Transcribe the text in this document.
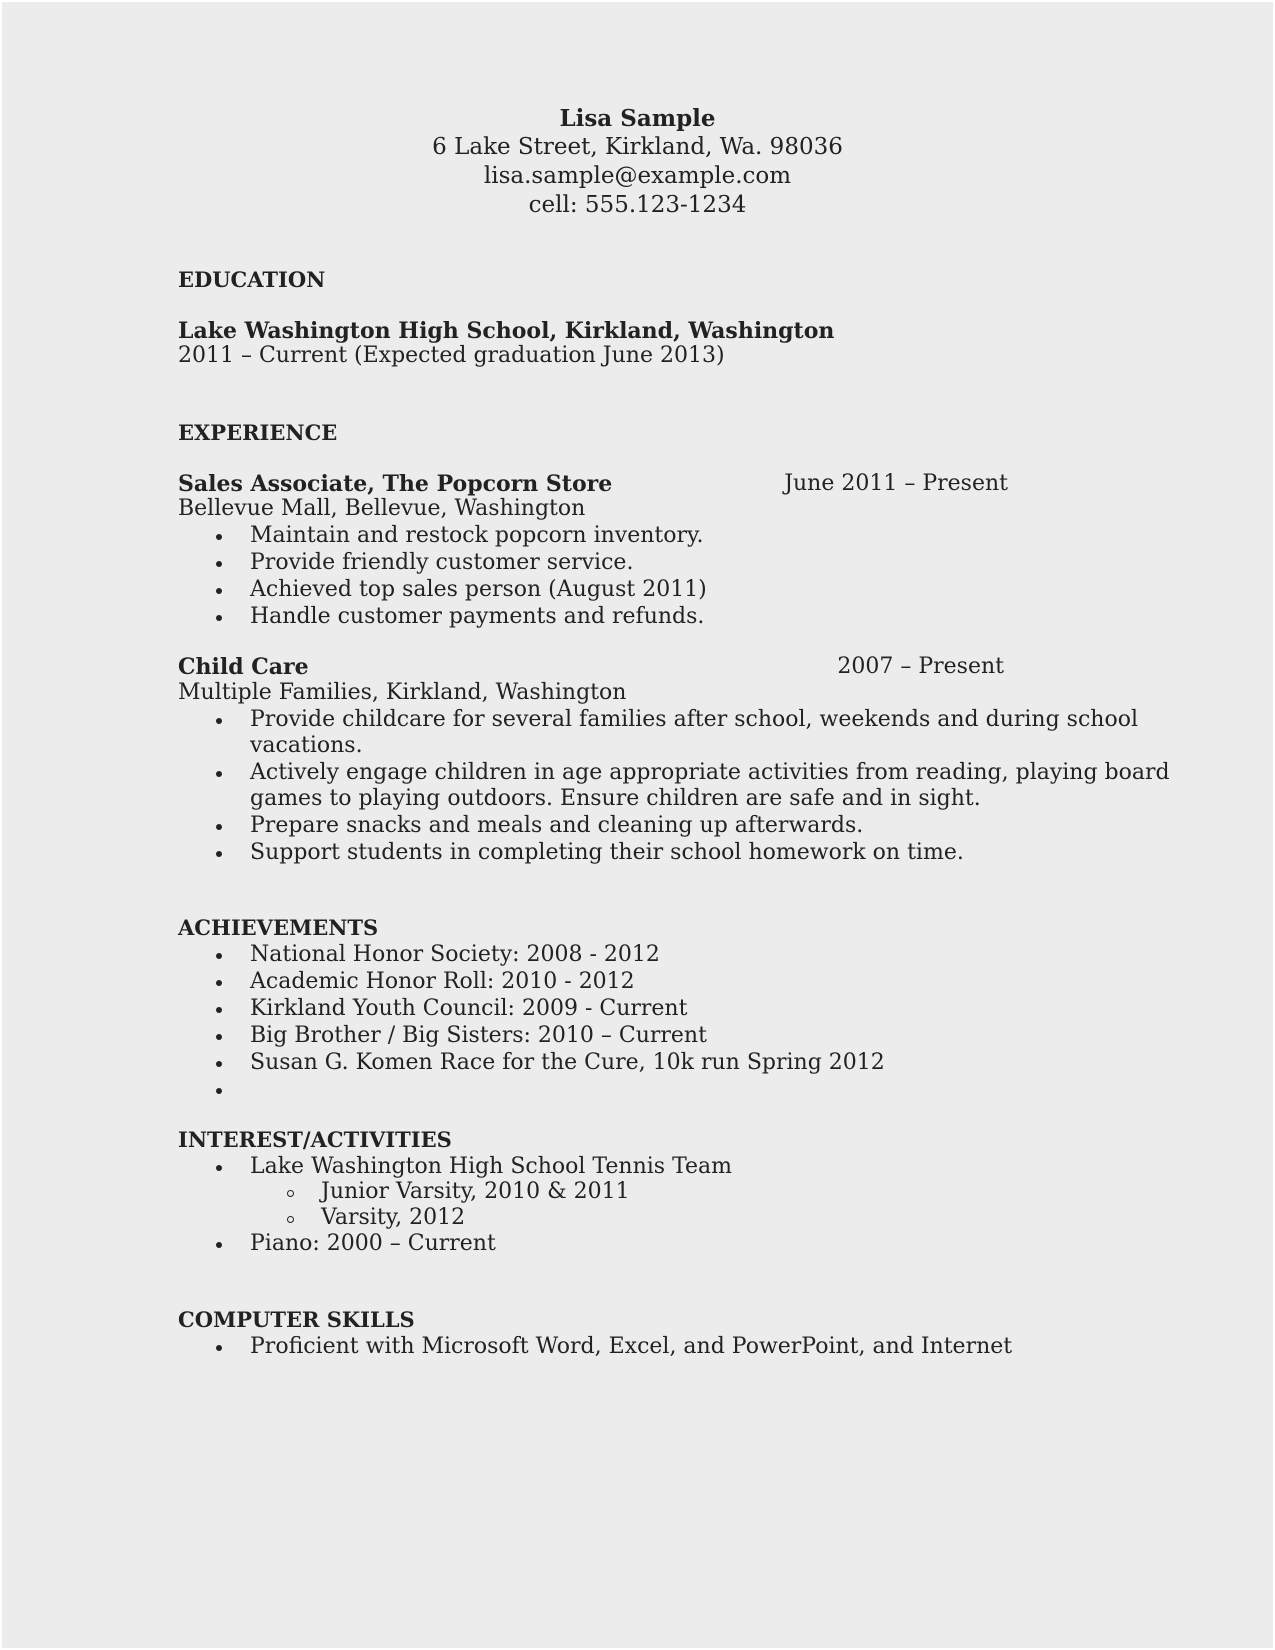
Lisa Sample
6 Lake Street, Kirkland, Wa. 98036
lisa.sample@example.com
cell: 555.123-1234
EDUCATION
Lake Washington High School, Kirkland, Washington
2011 – Current (Expected graduation June 2013)
EXPERIENCE
Sales Associate, The Popcorn Store	June 2011 – Present
Bellevue Mall, Bellevue, Washington
Maintain and restock popcorn inventory.
Provide friendly customer service.
Achieved top sales person (August 2011)
Handle customer payments and refunds.
Child Care	2007 – Present
Multiple Families, Kirkland, Washington
Provide childcare for several families after school, weekends and during school
vacations.
Actively engage children in age appropriate activities from reading, playing board
games to playing outdoors. Ensure children are safe and in sight.
Prepare snacks and meals and cleaning up afterwards.
Support students in completing their school homework on time.
ACHIEVEMENTS
National Honor Society: 2008 - 2012
Academic Honor Roll: 2010 - 2012
Kirkland Youth Council: 2009 - Current
Big Brother / Big Sisters: 2010 – Current
Susan G. Komen Race for the Cure, 10k run Spring 2012
INTEREST/ACTIVITIES
Lake Washington High School Tennis Team
Junior Varsity, 2010 & 2011
Varsity, 2012
Piano: 2000 – Current
COMPUTER SKILLS
Proficient with Microsoft Word, Excel, and PowerPoint, and Internet
